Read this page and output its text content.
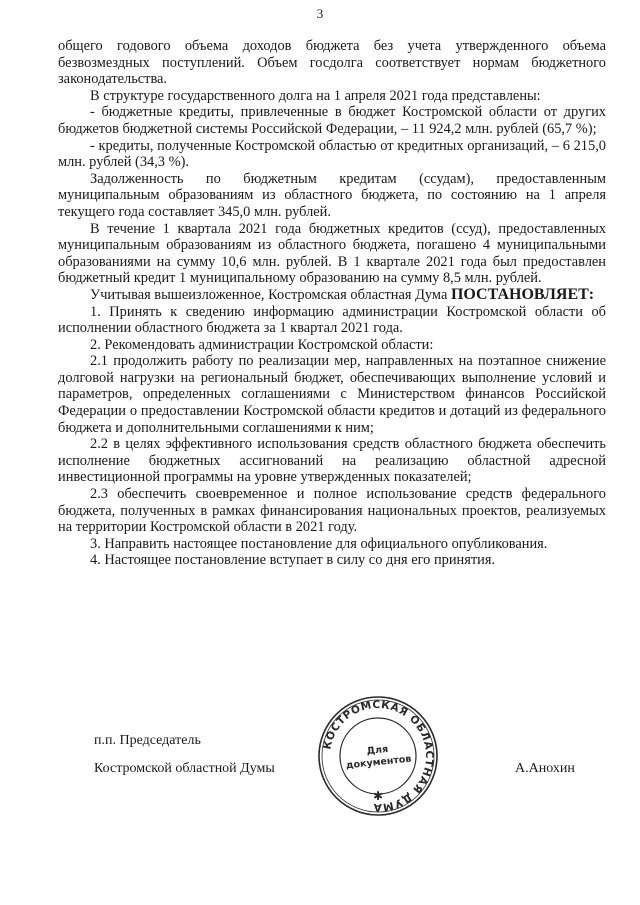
3

общего годового объема доходов бюджета без учета утвержденного объема безвозмездных поступлений. Объем госдолга соответствует нормам бюджетного законодательства.

В структуре государственного долга на 1 апреля 2021 года представлены:

- бюджетные кредиты, привлеченные в бюджет Костромской области от других бюджетов бюджетной системы Российской Федерации, – 11 924,2 млн. рублей (65,7 %);

- кредиты, полученные Костромской областью от кредитных организаций, – 6 215,0 млн. рублей (34,3 %).

Задолженность по бюджетным кредитам (ссудам), предоставленным муниципальным образованиям из областного бюджета, по состоянию на 1 апреля текущего года составляет 345,0 млн. рублей.

В течение 1 квартала 2021 года бюджетных кредитов (ссуд), предоставленных муниципальным образованиям из областного бюджета, погашено 4 муниципальными образованиями на сумму 10,6 млн. рублей. В 1 квартале 2021 года был предоставлен бюджетный кредит 1 муниципальному образованию на сумму 8,5 млн. рублей.

Учитывая вышеизложенное, Костромская областная Дума ПОСТАНОВЛЯЕТ:

1. Принять к сведению информацию администрации Костромской области об исполнении областного бюджета за 1 квартал 2021 года.

2. Рекомендовать администрации Костромской области:

2.1 продолжить работу по реализации мер, направленных на поэтапное снижение долговой нагрузки на региональный бюджет, обеспечивающих выполнение условий и параметров, определенных соглашениями с Министерством финансов Российской Федерации о предоставлении Костромской области кредитов и дотаций из федерального бюджета и дополнительными соглашениями к ним;

2.2 в целях эффективного использования средств областного бюджета обеспечить исполнение бюджетных ассигнований на реализацию областной адресной инвестиционной программы на уровне утвержденных показателей;

2.3 обеспечить своевременное и полное использование средств федерального бюджета, полученных в рамках финансирования национальных проектов, реализуемых на территории Костромской области в 2021 году.

3. Направить настоящее постановление для официального опубликования.

4. Настоящее постановление вступает в силу со дня его принятия.

п.п. Председатель
Костромской областной Думы	А.Анохин
КОСТРОМСКАЯ ОБЛАСТНАЯ ДУМА
✱
Для
документов
